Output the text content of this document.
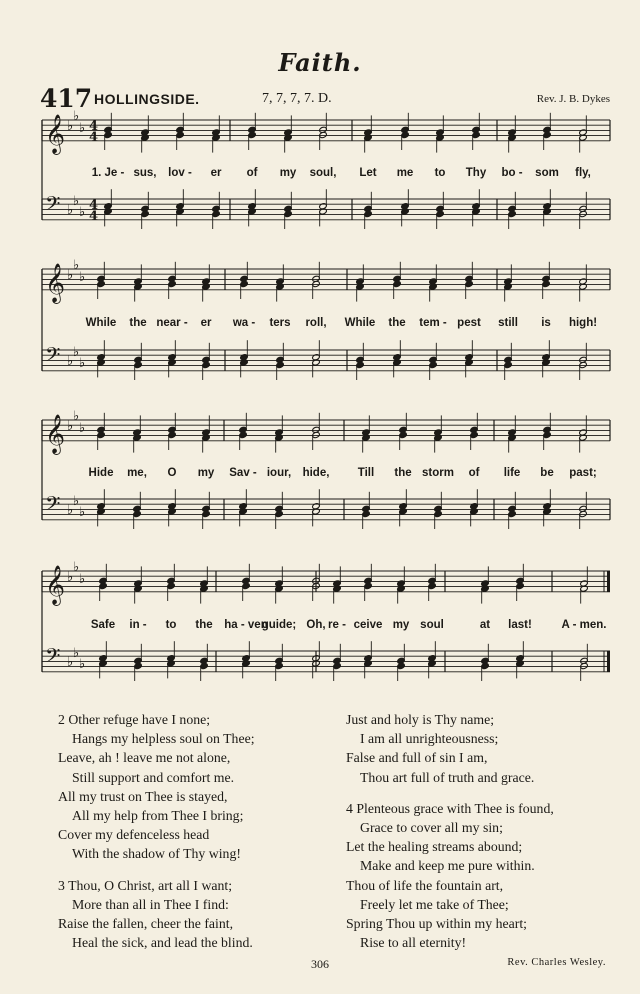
Faith.
417 HOLLINGSIDE.	7, 7, 7, 7. D.	Rev. J. B. Dykes
𝄞 ♭
♭
♭ 4
4
𝄢 ♭
♭
♭ 4
4
𝄞 ♭
♭
♭
𝄢 ♭
♭
♭
𝄞 ♭
♭
♭
𝄢 ♭
♭
♭
𝄞 ♭
♭
♭
𝄢 ♭
♭
♭
1. Je - sus, lov - er of my soul, Let me to Thy bo - som fly,
While the near - er wa - ters roll, While the tem - pest still is high!
Hide me, O my Sav - iour, hide, Till the storm of life be past;
Safe in - to the ha - ven
guide; Oh, re - ceive my soul	at last!	A - men.

2 Other refuge have I none;

Hangs my helpless soul on Thee;

Leave, ah ! leave me not alone,

Still support and comfort me.

All my trust on Thee is stayed,

All my help from Thee I bring;

Cover my defenceless head

With the shadow of Thy wing!

3 Thou, O Christ, art all I want;

More than all in Thee I find:

Raise the fallen, cheer the faint,

Heal the sick, and lead the blind.

Just and holy is Thy name;

I am all unrighteousness;

False and full of sin I am,

Thou art full of truth and grace.

4 Plenteous grace with Thee is found,

Grace to cover all my sin;

Let the healing streams abound;

Make and keep me pure within.

Thou of life the fountain art,

Freely let me take of Thee;

Spring Thou up within my heart;

Rise to all eternity!

306	Rev. Charles Wesley.
